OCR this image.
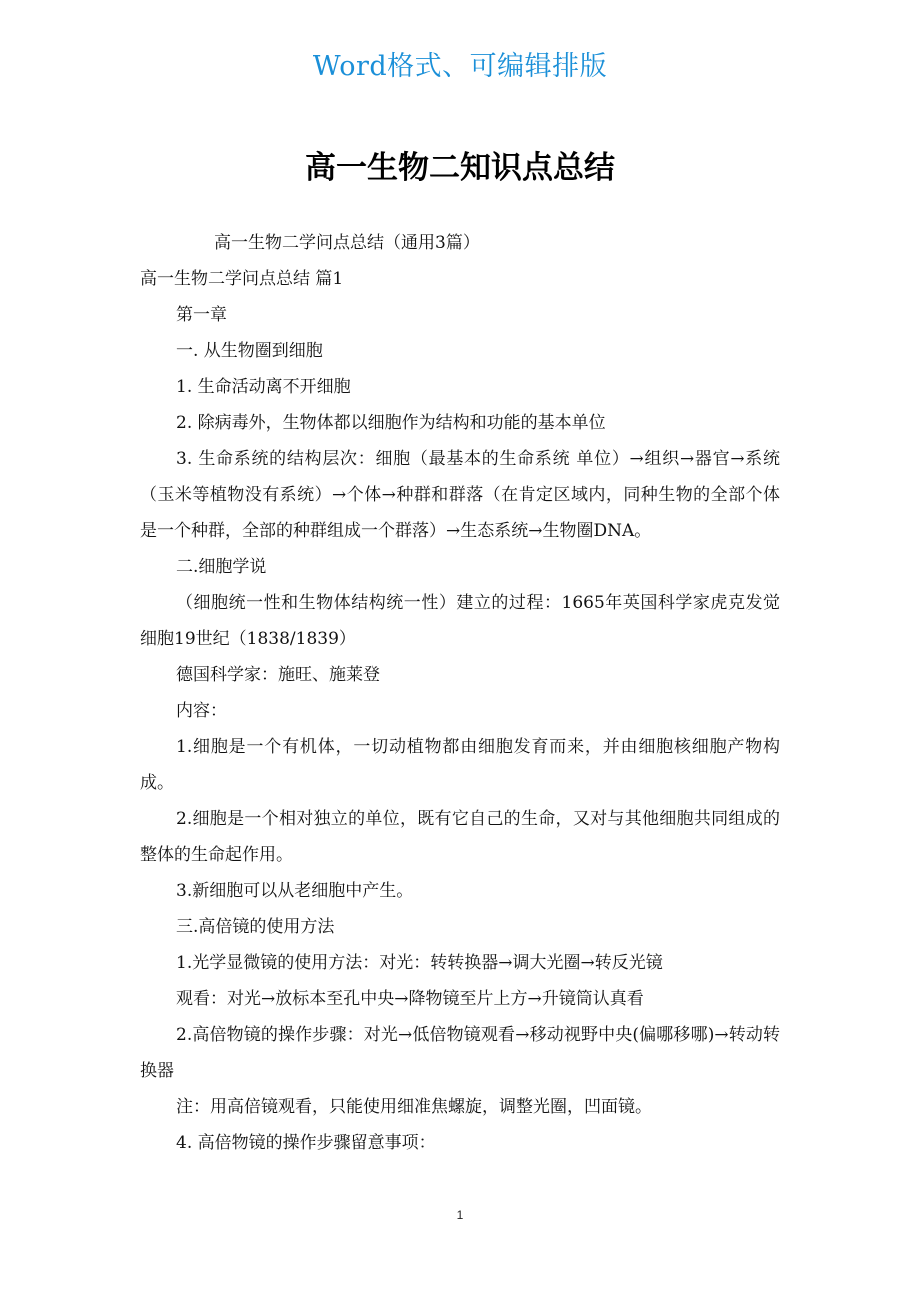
Word格式、可编辑排版
高一生物二知识点总结

高一生物二学问点总结（通用3篇）

高一生物二学问点总结 篇1

第一章

一. 从生物圈到细胞

1. 生命活动离不开细胞

2. 除病毒外，生物体都以细胞作为结构和功能的基本单位

3. 生命系统的结构层次：细胞（最基本的生命系统 单位）→组织→器官→系统（玉米等植物没有系统）→个体→种群和群落（在肯定区域内，同种生物的全部个体是一个种群，全部的种群组成一个群落）→生态系统→生物圈DNA。

二.细胞学说

（细胞统一性和生物体结构统一性）建立的过程：1665年英国科学家虎克发觉细胞19世纪（1838/1839）

德国科学家：施旺、施莱登

内容：

1.细胞是一个有机体，一切动植物都由细胞发育而来，并由细胞核细胞产物构成。

2.细胞是一个相对独立的单位，既有它自己的生命，又对与其他细胞共同组成的整体的生命起作用。

3.新细胞可以从老细胞中产生。

三.高倍镜的使用方法

1.光学显微镜的使用方法：对光：转转换器→调大光圈→转反光镜

观看：对光→放标本至孔中央→降物镜至片上方→升镜筒认真看

2.高倍物镜的操作步骤：对光→低倍物镜观看→移动视野中央(偏哪移哪)→转动转换器

注：用高倍镜观看，只能使用细准焦螺旋，调整光圈，凹面镜。

4. 高倍物镜的操作步骤留意事项：

1
